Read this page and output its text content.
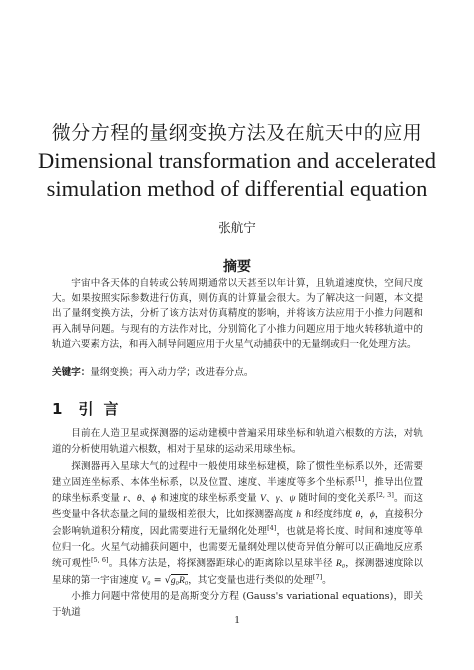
微分方程的量纲变换方法及在航天中的应用
Dimensional transformation and accelerated simulation method of differential equation
张航宁
摘要

宇宙中各天体的自转或公转周期通常以天甚至以年计算，且轨道速度快，空间尺度大。如果按照实际参数进行仿真，则仿真的计算量会很大。为了解决这一问题，本文提出了量纲变换方法，分析了该方法对仿真精度的影响，并将该方法应用于小推力问题和再入制导问题。与现有的方法作对比，分别简化了小推力问题应用于地火转移轨道中的轨道六要素方法，和再入制导问题应用于火星气动捕获中的无量纲或归一化处理方法。

关键字：量纲变换；再入动力学；改进春分点。
1 引言

目前在人造卫星或探测器的运动建模中普遍采用球坐标和轨道六根数的方法，对轨道的分析使用轨道六根数，相对于星球的运动采用球坐标。

探测器再入星球大气的过程中一般使用球坐标建模，除了惯性坐标系以外，还需要建立固连坐标系、本体坐标系，以及位置、速度、半速度等多个坐标系[1]，推导出位置的球坐标系变量 r、θ、ϕ 和速度的球坐标系变量 V、γ、ψ 随时间的变化关系[2, 3]。而这些变量中各状态量之间的量级相差很大，比如探测器高度 h 和经度纬度 θ，ϕ，直接积分会影响轨道积分精度，因此需要进行无量纲化处理[4]，也就是将长度、时间和速度等单位归一化。火星气动捕获问题中，也需要无量纲处理以使奇异值分解可以正确地反应系统可观性[5, 6]。具体方法是，将探测器距球心的距离除以星球半径 R₀，探测器速度除以星球的第一宇宙速度 V₀ = √g₀R₀，其它变量也进行类似的处理[7]。

小推力问题中常使用的是高斯变分方程 (Gauss's variational equations)，即关于轨道

1
